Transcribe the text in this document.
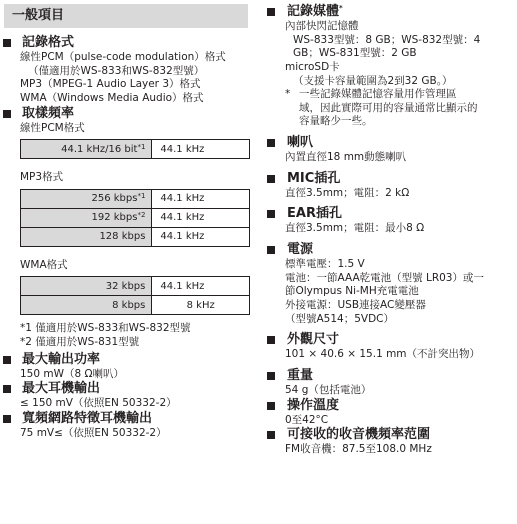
一般項目
記錄格式
線性PCM（pulse-code modulation）格式
（僅適用於WS-833和WS-832型號）
MP3（MPEG-1 Audio Layer 3）格式
WMA（Windows Media Audio）格式
取樣頻率
線性PCM格式
44.1 kHz/16 bit$^{*1}$	44.1 kHz
MP3格式
256 kbps$^{*1}$	44.1 kHz
192 kbps$^{*2}$	44.1 kHz
128 kbps	44.1 kHz
WMA格式
32 kbps	44.1 kHz
8 kbps	8 kHz
*1 僅適用於WS-833和WS-832型號
*2 僅適用於WS-831型號
最大輸出功率
150 mW（8 Ω喇叭）
最大耳機輸出
≤ 150 mV（依照EN 50332-2）
寬頻網路特徵耳機輸出
75 mV≤（依照EN 50332-2）
記錄媒體*
內部快閃記憶體
WS-833型號：8 GB；WS-832型號：4
GB；WS-831型號：2 GB
microSD卡
（支援卡容量範圍為2到32 GB。）
* 一些記錄媒體記憶容量用作管理區
域，因此實際可用的容量通常比顯示的
容量略少一些。
喇叭
內置直徑18 mm動態喇叭
MIC插孔
直徑3.5mm；電阻：2 kΩ
EAR插孔
直徑3.5mm；電阻：最小8 Ω
電源
標準電壓：1.5 V
電池：一節AAA乾電池（型號 LR03）或一
節Olympus Ni-MH充電電池
外接電源：USB連接AC變壓器
（型號A514；5VDC）
外觀尺寸
101 × 40.6 × 15.1 mm（不計突出物）
重量
54 g（包括電池）
操作溫度
0至42°C
可接收的收音機頻率范圍
FM收音機：87.5至108.0 MHz
